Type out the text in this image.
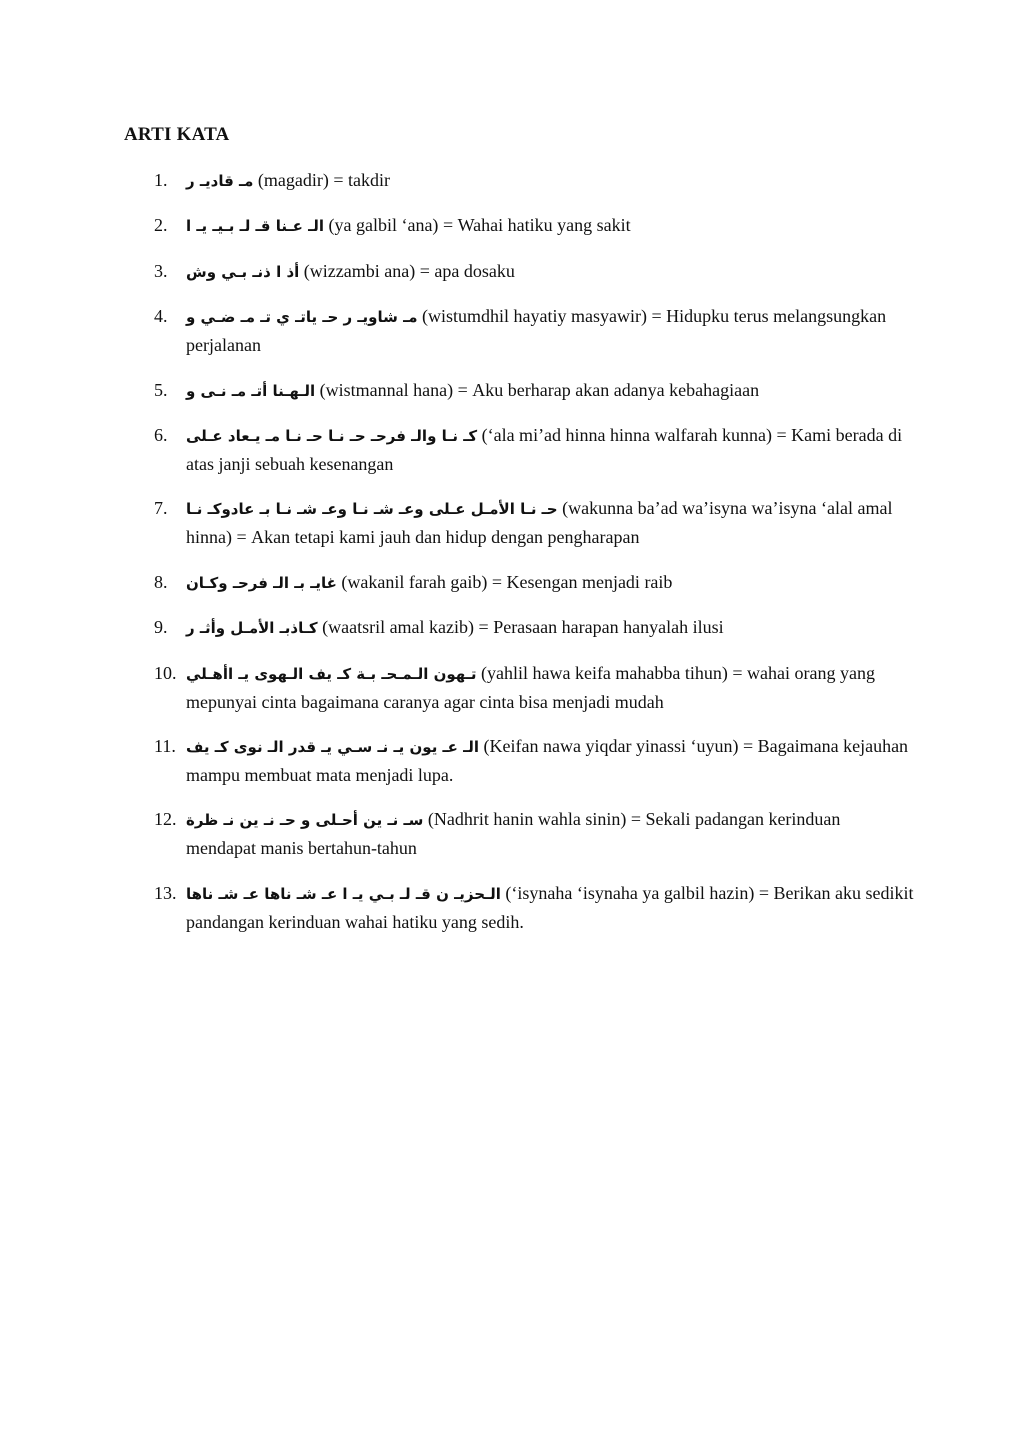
ARTI KATA
1. مـ قاديـ ر (magadir) = takdir
2. الـ عـنا قـ لـ بـيـ يـ ا (ya galbil ‘ana) = Wahai hatiku yang sakit
3. أذ ا ذنـ بـي وش (wizzambi ana) = apa dosaku
4. مـ شاويـ ر حـ ياتـ ي تـ مـ ضـي و (wistumdhil hayatiy masyawir) = Hidupku terus melangsungkan perjalanan
5. الـهـنا أتـ مـ نـى و (wistmannal hana) = Aku berharap akan adanya kebahagiaan
6. كـ نـا والـ فرحـ حـ نـا حـ نـا مـ يـعاد عـلى (‘ala mi’ad hinna hinna walfarah kunna) = Kami berada di atas janji sebuah kesenangan
7. حـ نـا الأمـل عـلى وعـ شـ نـا وعـ شـ نـا بـ عادوكـ نـا (wakunna ba’ad wa’isyna wa’isyna ‘alal amal hinna) = Akan tetapi kami jauh dan hidup dengan pengharapan
8. غايـ بـ الـ فرحـ وكـان (wakanil farah gaib) = Kesengan menjadi raib
9. كـاذبـ الأمـل وأثـ ر (waatsril amal kazib) = Perasaan harapan hanyalah ilusi
10. تـهون الـمـحـ بـة كـ يف الـهوى يـ اأهـلي (yahlil hawa keifa mahabba tihun) = wahai orang yang mepunyai cinta bagaimana caranya agar cinta bisa menjadi mudah
11. الـ عـ يون يـ نـ سـي يـ قدر الـ نوى كـ يف (Keifan nawa yiqdar yinassi ‘uyun) = Bagaimana kejauhan mampu membuat mata menjadi lupa.
12. سـ نـ ين أحـلى و حـ نـ ين نـ ظرة (Nadhrit hanin wahla sinin) = Sekali padangan kerinduan mendapat manis bertahun-tahun
13. الـحزيـ ن قـ لـ بـي يـ ا عـ شـ ناها عـ شـ ناها (‘isynaha ‘isynaha ya galbil hazin) = Berikan aku sedikit pandangan kerinduan wahai hatiku yang sedih.
